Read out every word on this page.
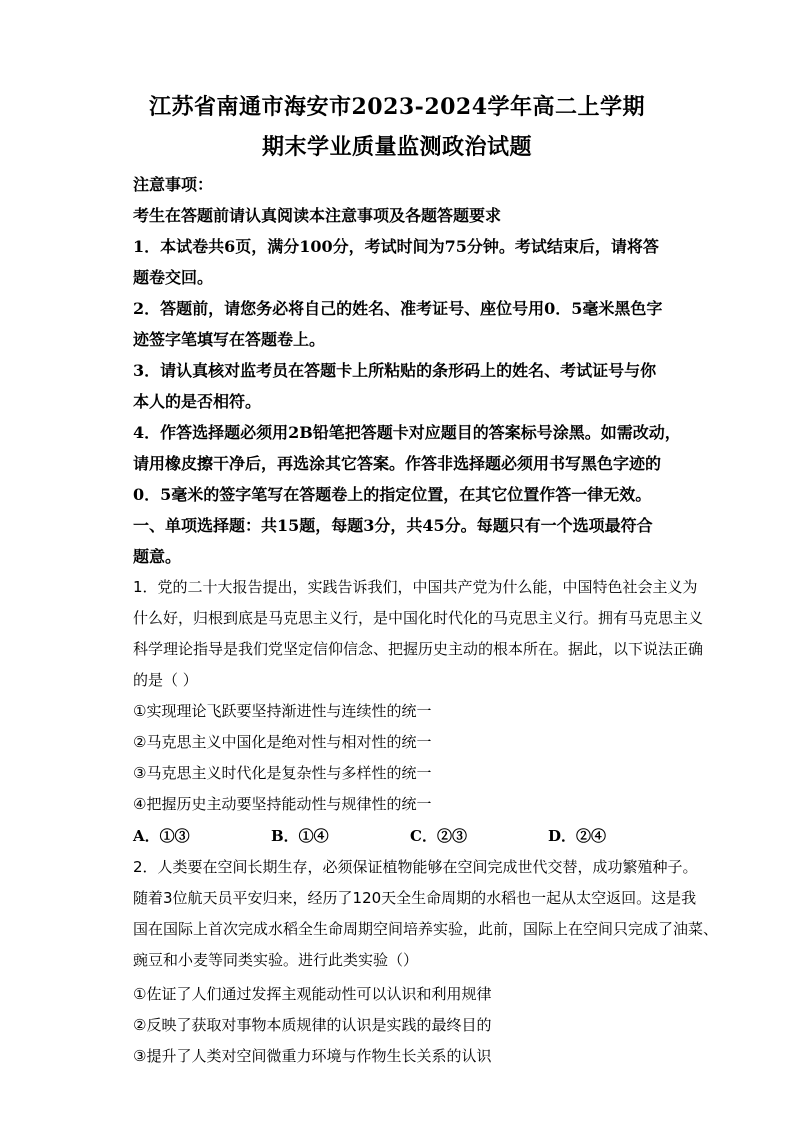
江苏省南通市海安市2023-2024学年高二上学期
期末学业质量监测政治试题
注意事项：
考生在答题前请认真阅读本注意事项及各题答题要求
1．本试卷共6页，满分100分，考试时间为75分钟。考试结束后，请将答
题卷交回。
2．答题前，请您务必将自己的姓名、准考证号、座位号用0．5毫米黑色字
迹签字笔填写在答题卷上。
3．请认真核对监考员在答题卡上所粘贴的条形码上的姓名、考试证号与你
本人的是否相符。
4．作答选择题必须用2B铅笔把答题卡对应题目的答案标号涂黑。如需改动，
请用橡皮擦干净后，再选涂其它答案。作答非选择题必须用书写黑色字迹的
0．5毫米的签字笔写在答题卷上的指定位置，在其它位置作答一律无效。
一、单项选择题：共15题，每题3分，共45分。每题只有一个选项最符合
题意。
1．党的二十大报告提出，实践告诉我们，中国共产党为什么能，中国特色社会主义为
什么好，归根到底是马克思主义行，是中国化时代化的马克思主义行。拥有马克思主义
科学理论指导是我们党坚定信仰信念、把握历史主动的根本所在。据此，以下说法正确
的是（ ）
①实现理论飞跃要坚持渐进性与连续性的统一
②马克思主义中国化是绝对性与相对性的统一
③马克思主义时代化是复杂性与多样性的统一
④把握历史主动要坚持能动性与规律性的统一
A．①③	B．①④	C．②③	D．②④
2．人类要在空间长期生存，必须保证植物能够在空间完成世代交替，成功繁殖种子。
随着3位航天员平安归来，经历了120天全生命周期的水稻也一起从太空返回。这是我
国在国际上首次完成水稻全生命周期空间培养实验，此前，国际上在空间只完成了油菜、
豌豆和小麦等同类实验。进行此类实验（）
①佐证了人们通过发挥主观能动性可以认识和利用规律
②反映了获取对事物本质规律的认识是实践的最终目的
③提升了人类对空间微重力环境与作物生长关系的认识
